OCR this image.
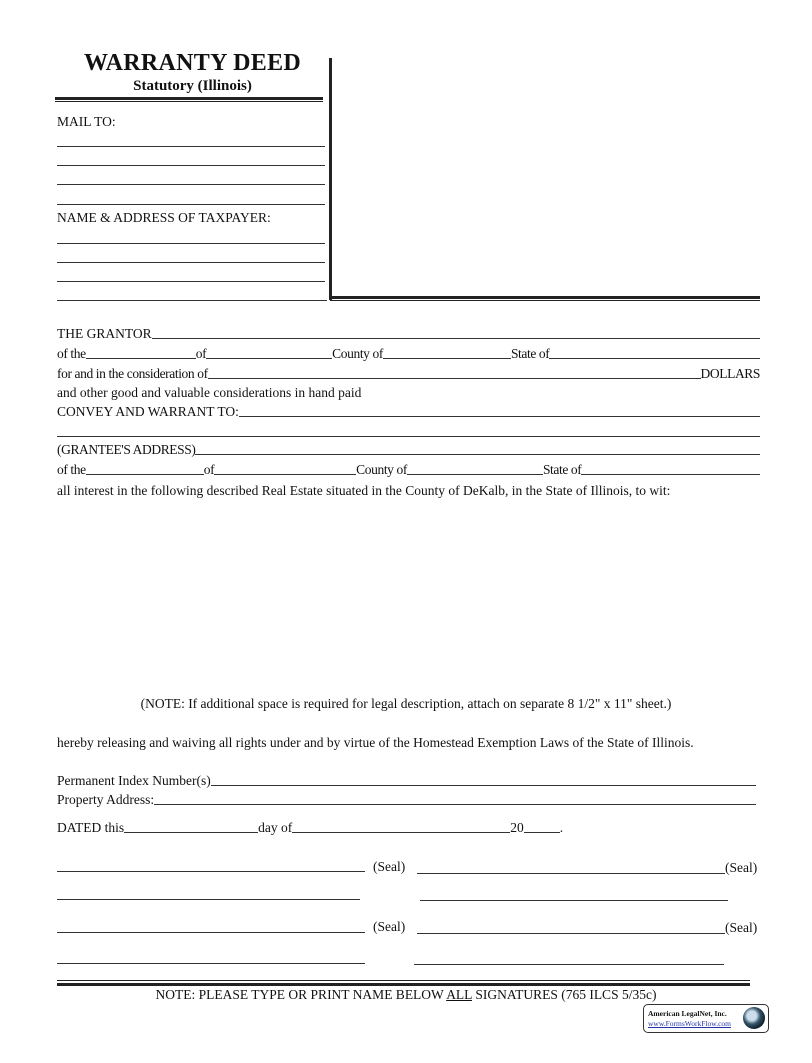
WARRANTY DEED
Statutory (Illinois)
MAIL TO:
NAME & ADDRESS OF TAXPAYER:
THE GRANTOR
of the	of	County of	State of
for and in the consideration of	DOLLARS
and other good and valuable considerations in hand paid
CONVEY AND WARRANT TO:
(GRANTEE'S ADDRESS)
of the	of	County of	State of
all interest in the following described Real Estate situated in the County of DeKalb, in the State of Illinois, to wit:
(NOTE: If additional space is required for legal description, attach on separate 8 1/2" x 11" sheet.)
hereby releasing and waiving all rights under and by virtue of the Homestead Exemption Laws of the State of Illinois.
Permanent Index Number(s)
Property Address:
DATED this	day of	20	.
(Seal)	(Seal)
(Seal)	(Seal)
NOTE: PLEASE TYPE OR PRINT NAME BELOW ALL SIGNATURES (765 ILCS 5/35c)
American LegalNet, Inc.
www.FormsWorkFlow.com
